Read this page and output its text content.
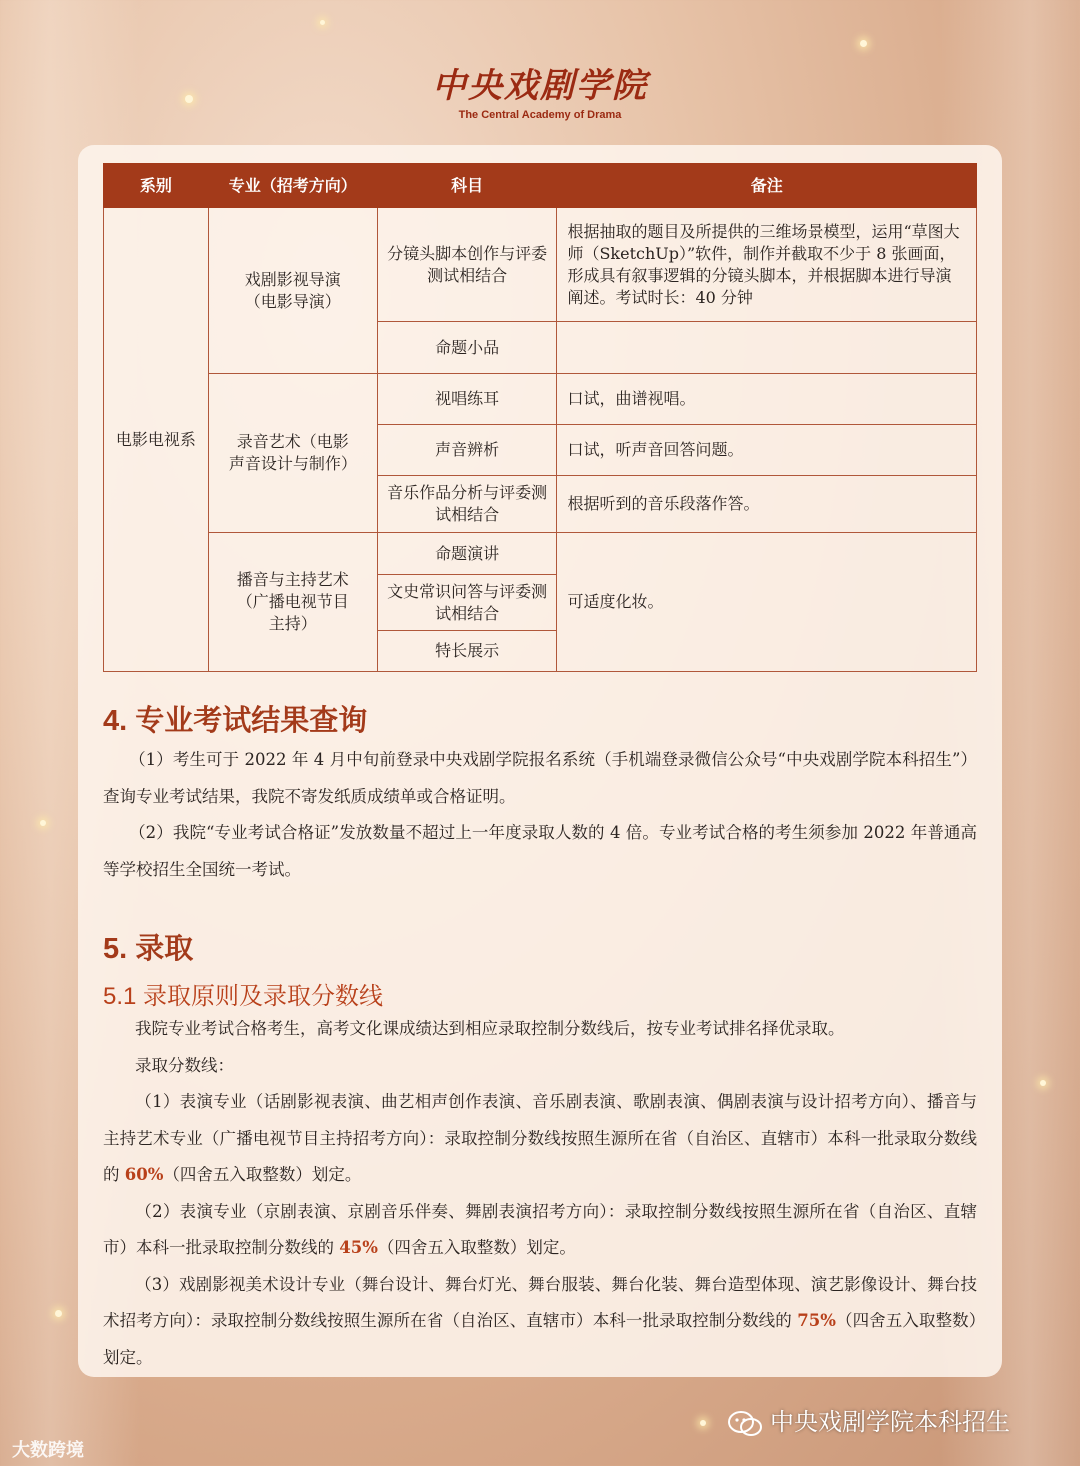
中央戏剧学院
The Central Academy of Drama
系别	专业（招考方向）	科目	备注
电影电视系	戏剧影视导演（电影导演）	分镜头脚本创作与评委测试相结合	根据抽取的题目及所提供的三维场景模型，运用“草图大师（SketchUp）”软件，制作并截取不少于 8 张画面，形成具有叙事逻辑的分镜头脚本，并根据脚本进行导演阐述。考试时长：40 分钟
		命题小品	
	录音艺术（电影声音设计与制作）	视唱练耳	口试，曲谱视唱。
		声音辨析	口试，听声音回答问题。
		音乐作品分析与评委测试相结合	根据听到的音乐段落作答。
	播音与主持艺术（广播电视节目主持）	命题演讲	可适度化妆。
		文史常识问答与评委测试相结合	
		特长展示	
4. 专业考试结果查询
（1）考生可于 2022 年 4 月中旬前登录中央戏剧学院报名系统（手机端登录微信公众号“中央戏剧学院本科招生”）查询专业考试结果，我院不寄发纸质成绩单或合格证明。
（2）我院“专业考试合格证”发放数量不超过上一年度录取人数的 4 倍。专业考试合格的考生须参加 2022 年普通高等学校招生全国统一考试。
5. 录取
5.1 录取原则及录取分数线
我院专业考试合格考生，高考文化课成绩达到相应录取控制分数线后，按专业考试排名择优录取。
录取分数线：
（1）表演专业（话剧影视表演、曲艺相声创作表演、音乐剧表演、歌剧表演、偶剧表演与设计招考方向）、播音与主持艺术专业（广播电视节目主持招考方向）：录取控制分数线按照生源所在省（自治区、直辖市）本科一批录取分数线的 60%（四舍五入取整数）划定。
（2）表演专业（京剧表演、京剧音乐伴奏、舞剧表演招考方向）：录取控制分数线按照生源所在省（自治区、直辖市）本科一批录取控制分数线的 45%（四舍五入取整数）划定。
（3）戏剧影视美术设计专业（舞台设计、舞台灯光、舞台服装、舞台化装、舞台造型体现、演艺影像设计、舞台技术招考方向）：录取控制分数线按照生源所在省（自治区、直辖市）本科一批录取控制分数线的 75%（四舍五入取整数）划定。
中央戏剧学院本科招生
大数跨境
